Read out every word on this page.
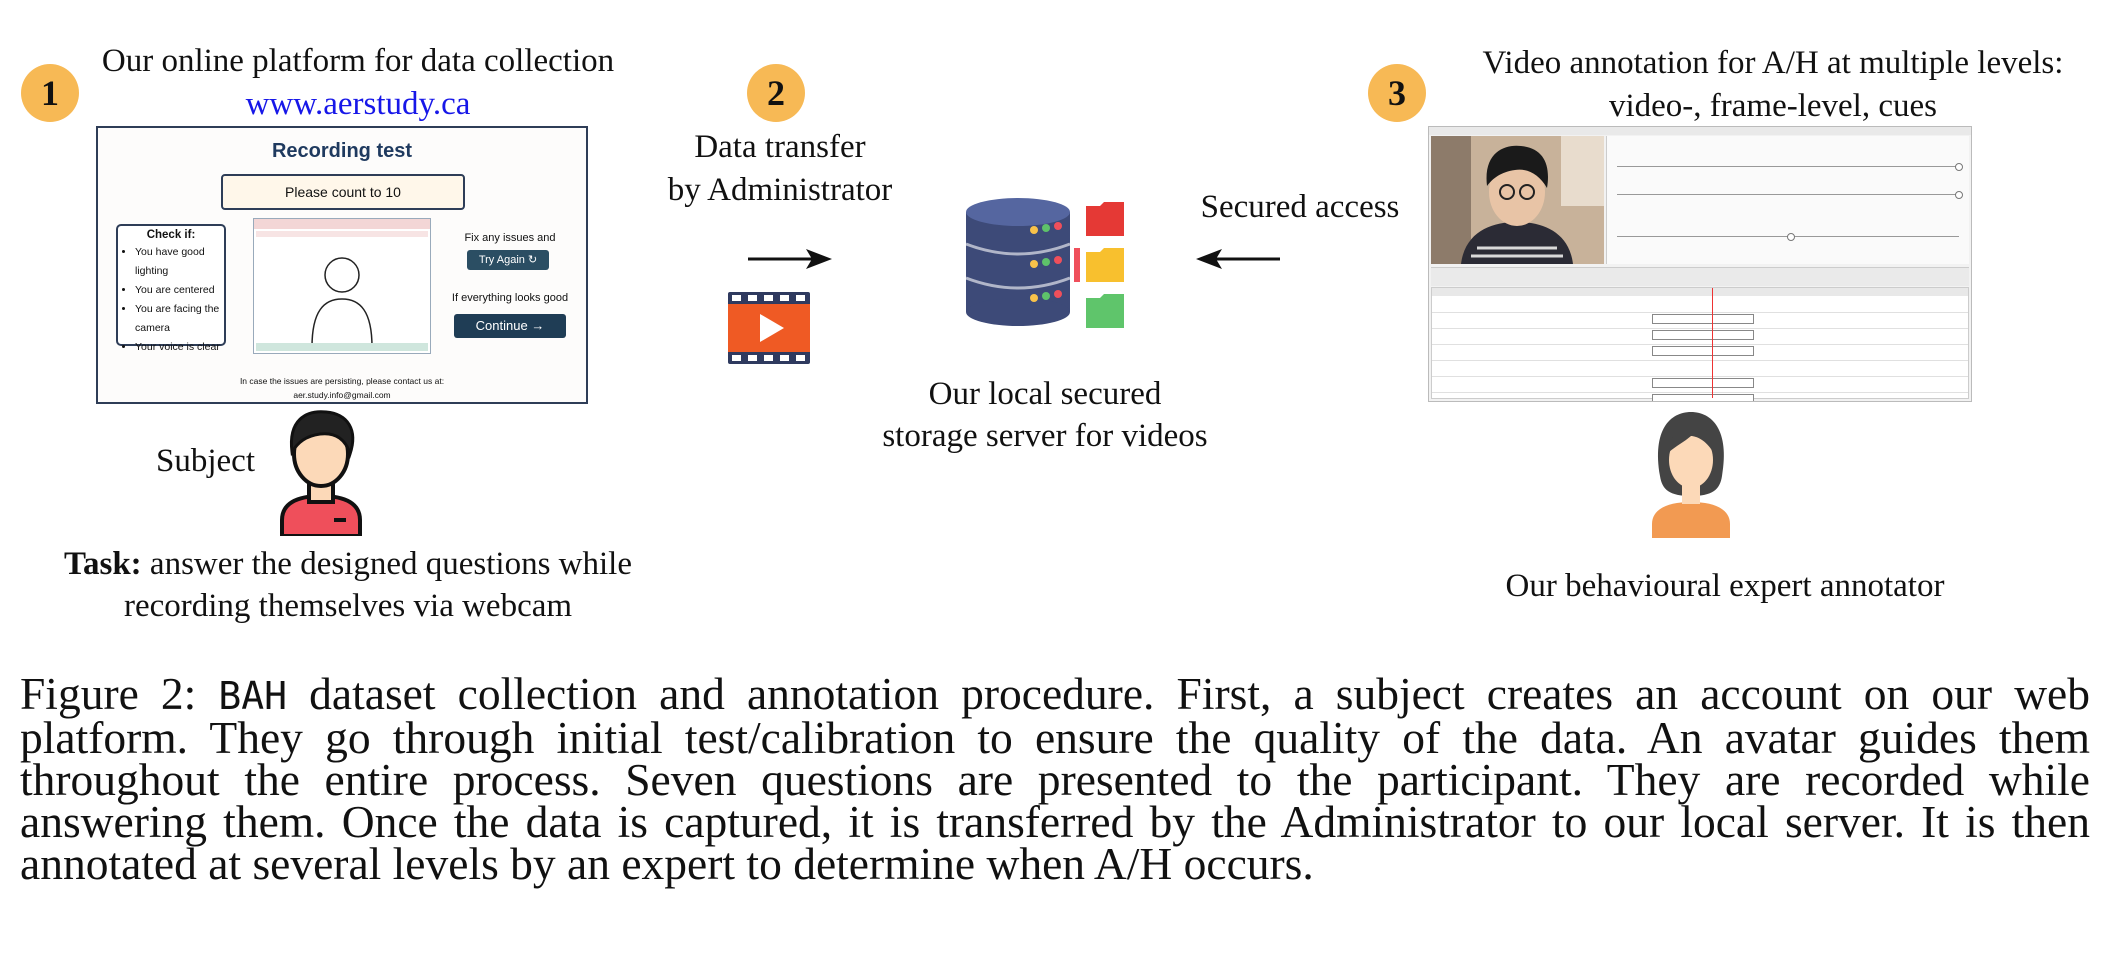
1
Our online platform for data collection
www.aerstudy.ca
Recording test
Please count to 10
Check if:
• You have good lighting
• You are centered
• You are facing the camera
• Your voice is clear
Fix any issues and
Try Again ↻
If everything looks good
Continue →
In case the issues are persisting, please contact us at:
aer.study.info@gmail.com
Subject
Task: answer the designed questions while
recording themselves via webcam
2
Data transfer
by Administrator	Secured access
Our local secured
storage server for videos
3
Video annotation for A/H at multiple levels:
video-, frame-level, cues
Our behavioural expert annotator

Figure 2: BAH dataset collection and annotation procedure. First, a subject creates an account on our web platform. They go through initial test/calibration to ensure the quality of the data. An avatar guides them throughout the entire process. Seven questions are presented to the participant. They are recorded while answering them. Once the data is captured, it is transferred by the Administrator to our local server. It is then annotated at several levels by an expert to determine when A/H occurs.
